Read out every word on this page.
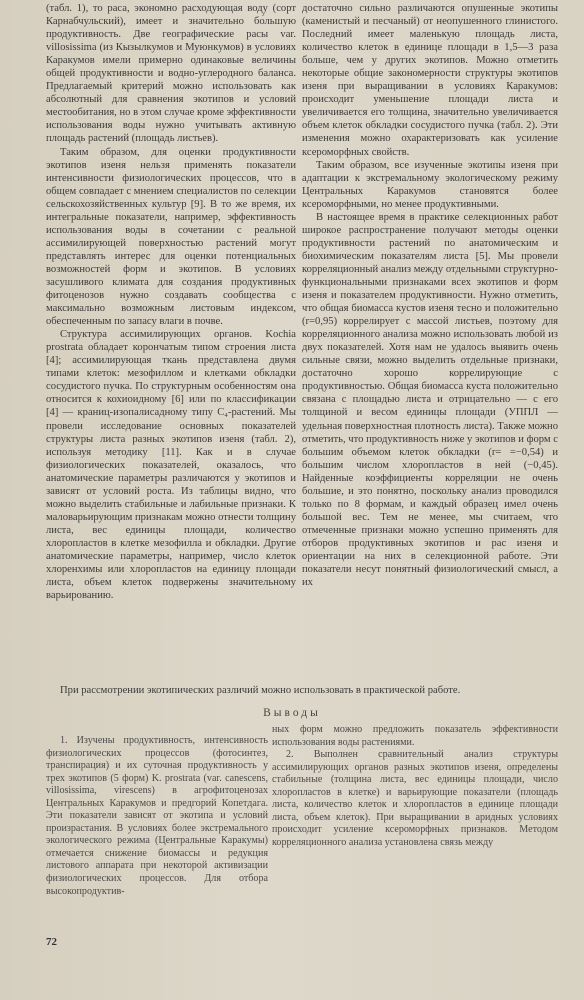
(табл. 1), то раса, экономно расходующая воду (сорт Карнабчульский), имеет и значительно бо́льшую продуктивность. Две географические расы var. villosissima (из Кызылкумов и Муюнкумов) в условиях Каракумов имели примерно одинаковые величины общей продуктивности и водно-углеродного баланса. Предлагаемый критерий можно использовать как абсолютный для сравнения экотипов и условий местообитания, но в этом случае кроме эффективности использования воды нужно учитывать активную площадь растений (площадь листьев).

Таким образом, для оценки продуктивности экотипов изеня нельзя применять показатели интенсивности физиологических процессов, что в общем совпадает с мнением специалистов по селекции сельскохозяйственных культур [9]. В то же время, их интегральные показатели, например, эффективность использования воды в сочетании с реальной ассимилирующей поверхностью растений могут представлять интерес для оценки потенциальных возможностей форм и экотипов. В условиях засушливого климата для создания продуктивных фитоценозов нужно создавать сообщества с максимально возможным листовым индексом, обеспеченным по запасу влаги в почве.

Структура ассимилирующих органов. Kochia prostrata обладает корончатым типом строения листа [4]; ассимилирующая ткань представлена двумя типами клеток: мезофиллом и клетками обкладки сосудистого пучка. По структурным особенностям она относится к кохиоидному [6] или по классификации [4] — краниц-изопалисадному типу C₄-растений. Мы провели исследование основных показателей структуры листа разных экотипов изеня (табл. 2), используя методику [11]. Как и в случае физиологических показателей, оказалось, что анатомические параметры различаются у экотипов и зависят от условий роста. Из таблицы видно, что можно выделить стабильные и лабильные признаки. К маловарьирующим признакам можно отнести толщину листа, вес единицы площади, количество хлоропластов в клетке мезофилла и обкладки. Другие анатомические параметры, например, число клеток хлоренхимы или хлоропластов на единицу площади листа, объем клеток подвержены значительному варьированию.

достаточно сильно различаются опушенные экотипы (каменистый и песчаный) от неопушенного глинистого. Последний имеет маленькую площадь листа, количество клеток в единице площади в 1,5—3 раза больше, чем у других экотипов. Можно отметить некоторые общие закономерности структуры экотипов изеня при выращивании в условиях Каракумов: происходит уменьшение площади листа и увеличивается его толщина, значительно увеличивается объем клеток обкладки сосудистого пучка (табл. 2). Эти изменения можно охарактеризовать как усиление ксероморфных свойств.

Таким образом, все изученные экотипы изеня при адаптации к экстремальному экологическому режиму Центральных Каракумов становятся более ксероморфными, но менее продуктивными.

В настоящее время в практике селекционных работ широкое распространение получают методы оценки продуктивности растений по анатомическим и биохимическим показателям листа [5]. Мы провели корреляционный анализ между отдельными структурно-функциональными признаками всех экотипов и форм изеня и показателем продуктивности. Нужно отметить, что общая биомасса кустов изеня тесно и положительно (r=0,95) коррелирует с массой листьев, поэтому для корреляционного анализа можно использовать любой из двух показателей. Хотя нам не удалось выявить очень сильные связи, можно выделить отдельные признаки, достаточно хорошо коррелирующие с продуктивностью. Общая биомасса куста положительно связана с площадью листа и отрицательно — с его толщиной и весом единицы площади (УППЛ — удельная поверхностная плотность листа). Также можно отметить, что продуктивность ниже у экотипов и форм с большим объемом клеток обкладки (r= =−0,54) и большим числом хлоропластов в ней (−0,45). Найденные коэффициенты корреляции не очень большие, и это понятно, поскольку анализ проводился только по 8 формам, и каждый образец имел очень большой вес. Тем не менее, мы считаем, что отмеченные признаки можно успешно применять для отборов продуктивных экотипов и рас изеня и ориентации на них в селекционной работе. Эти показатели несут понятный физиологический смысл, а их

При рассмотрении экотипических различий можно использовать в практической работе.
Выводы

1. Изучены продуктивность, интенсивность физиологических процессов (фотосинтез, транспирация) и их суточная продуктивность у трех экотипов (5 форм) K. prostrata (var. canescens, villosissima, virescens) в агрофитоценозах Центральных Каракумов и предгорий Копетдага. Эти показатели зависят от экотипа и условий произрастания. В условиях более экстремального экологического режима (Центральные Каракумы) отмечается снижение биомассы и редукция листового аппарата при некоторой активизации физиологических процессов. Для отбора высокопродуктив-

ных форм можно предложить показатель эффективности использования воды растениями.

2. Выполнен сравнительный анализ структуры ассимилирующих органов разных экотипов изеня, определены стабильные (толщина листа, вес единицы площади, число хлоропластов в клетке) и варьирующие показатели (площадь листа, количество клеток и хлоропластов в единице площади листа, объем клеток). При выращивании в аридных условиях происходит усиление ксероморфных признаков. Методом корреляционного анализа установлена связь между

72
